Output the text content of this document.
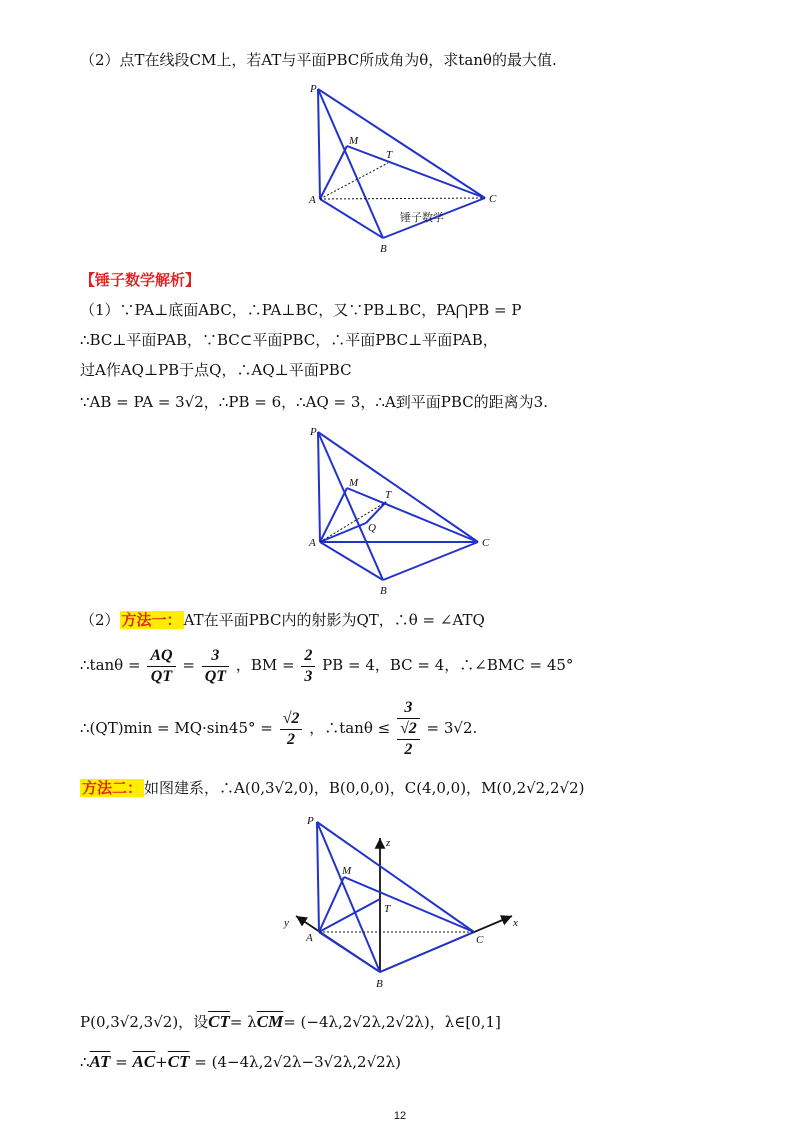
（2）点T在线段CM上，若AT与平面PBC所成角为θ，求tanθ的最大值.
P
M
T
A	C
B
锤子数学
【锤子数学解析】
（1）∵PA⊥底面ABC，∴PA⊥BC，又∵PB⊥BC，PA⋂PB = P
∴BC⊥平面PAB，∵BC⊂平面PBC，∴平面PBC⊥平面PAB，
过A作AQ⊥PB于点Q，∴AQ⊥平面PBC
∵AB = PA = 3√2，∴PB = 6，∴AQ = 3，∴A到平面PBC的距离为3.
P
M
T
Q
A	C
B
（2） 方法一： AT在平面PBC内的射影为QT，∴θ = ∠ATQ
∴tanθ = $\frac{AQ}{QT} = \frac{3}{QT}$ ，BM = $\frac{2}{3}$ PB = 4，BC = 4，∴∠BMC = 45°
∴(QT)min = $MQ\cdot\sin 45^\circ = \frac{√2}{2}$ ，∴tanθ ≤ $\frac{3}{\frac{√2}{2}} = 3√2$.
方法二： 如图建系，∴A(0,3√2,0)，B(0,0,0)，C(4,0,0)，M(0,2√2,2√2)
P
M
T
A	C
B
x
y
z
P(0,3√2,3√2)，设$\overline{CT}= \lambda\overline{CM}= (-4\lambda,2√2\lambda,2√2\lambda)$，λ∈[0,1]
$\therefore\overline{AT} = \overline{AC}+\overline{CT} = (4-4\lambda,2√2\lambda-3√2\lambda,2√2\lambda)$
12
